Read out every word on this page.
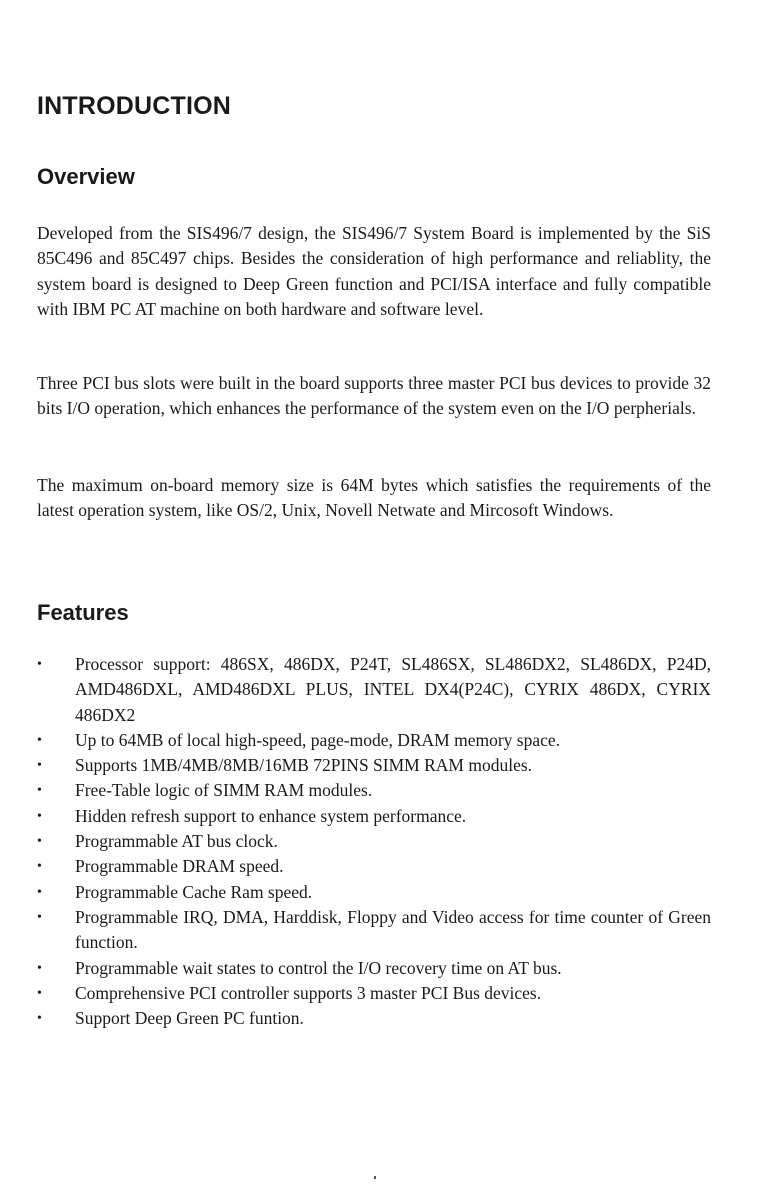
INTRODUCTION
Overview

Developed from the SIS496/7 design, the SIS496/7 System Board is implemented by the SiS 85C496 and 85C497 chips. Besides the consideration of high performance and reliablity, the system board is designed to Deep Green function and PCI/ISA interface and fully compatible with IBM PC AT machine on both hardware and software level.

Three PCI bus slots were built in the board supports three master PCI bus devices to provide 32 bits I/O operation, which enhances the performance of the system even on the I/O perpherials.

The maximum on-board memory size is 64M bytes which satisfies the requirements of the latest operation system, like OS/2, Unix, Novell Netwate and Mircosoft Windows.

Features
• Processor support: 486SX, 486DX, P24T, SL486SX, SL486DX2, SL486DX, P24D, AMD486DXL, AMD486DXL PLUS, INTEL DX4(P24C), CYRIX 486DX, CYRIX 486DX2
• Up to 64MB of local high-speed, page-mode, DRAM memory space.
• Supports 1MB/4MB/8MB/16MB 72PINS SIMM RAM modules.
• Free-Table logic of SIMM RAM modules.
• Hidden refresh support to enhance system performance.
• Programmable AT bus clock.
• Programmable DRAM speed.
• Programmable Cache Ram speed.
• Programmable IRQ, DMA, Harddisk, Floppy and Video access for time counter of Green function.
• Programmable wait states to control the I/O recovery time on AT bus.
• Comprehensive PCI controller supports 3 master PCI Bus devices.
• Support Deep Green PC funtion.
